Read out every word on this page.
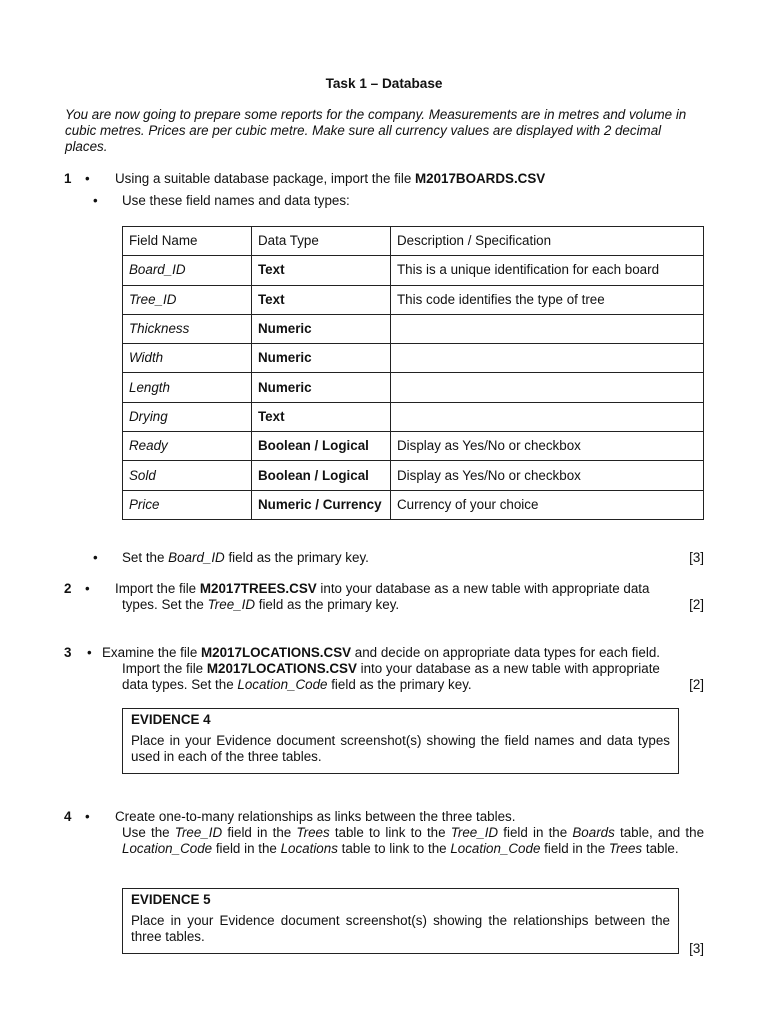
Task 1 – Database
You are now going to prepare some reports for the company. Measurements are in metres and volume in cubic metres. Prices are per cubic metre. Make sure all currency values are displayed with 2 decimal places.
1 • Using a suitable database package, import the file M2017BOARDS.CSV
• Use these field names and data types:
Field Name	Data Type	Description / Specification
Board_ID	Text	This is a unique identification for each board
Tree_ID	Text	This code identifies the type of tree
Thickness	Numeric	
Width	Numeric	
Length	Numeric	
Drying	Text	
Ready	Boolean / Logical	Display as Yes/No or checkbox
Sold	Boolean / Logical	Display as Yes/No or checkbox
Price	Numeric / Currency	Currency of your choice
• Set the Board_ID field as the primary key.	[3]
2 • Import the file M2017TREES.CSV into your database as a new table with appropriate data
types. Set the Tree_ID field as the primary key.	[2]
3 • Examine the file M2017LOCATIONS.CSV and decide on appropriate data types for each field.
Import the file M2017LOCATIONS.CSV into your database as a new table with appropriate
data types. Set the Location_Code field as the primary key.	[2]
EVIDENCE 4
Place in your Evidence document screenshot(s) showing the field names and data types used in each of the three tables.
4 • Create one-to-many relationships as links between the three tables.
Use the Tree_ID field in the Trees table to link to the Tree_ID field in the Boards table, and the Location_Code field in the Locations table to link to the Location_Code field in the Trees table.
EVIDENCE 5
Place in your Evidence document screenshot(s) showing the relationships between the three tables.
[3]
